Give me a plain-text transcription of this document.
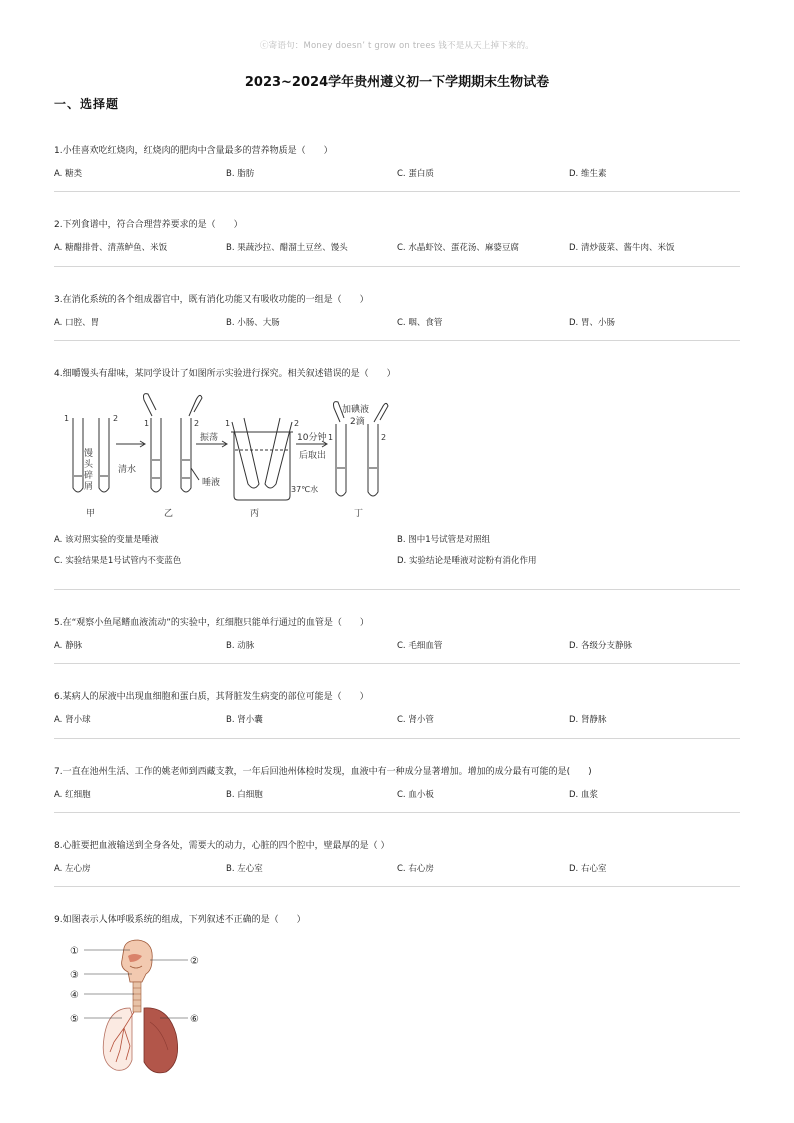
ⓒ寄语句：Money doesn’ t grow on trees 钱不是从天上掉下来的。
2023~2024学年贵州遵义初一下学期期末生物试卷
一、选择题
1.小佳喜欢吃红烧肉，红烧肉的肥肉中含量最多的营养物质是（　　）
A. 糖类	B. 脂肪	C. 蛋白质	D. 维生素
2.下列食谱中，符合合理营养要求的是（　　）
A. 糖醋排骨、清蒸鲈鱼、米饭	B. 果蔬沙拉、醋溜土豆丝、馒头	C. 水晶虾饺、蛋花汤、麻婆豆腐	D. 清炒菠菜、酱牛肉、米饭
3.在消化系统的各个组成器官中，既有消化功能又有吸收功能的一组是（　　）
A. 口腔、胃	B. 小肠、大肠	C. 咽、食管	D. 胃、小肠
4.细嚼馒头有甜味，某同学设计了如图所示实验进行探究。相关叙述错误的是（　　）
1	2
1	2	1	2
1	2
馒头碎屑	清水
唾液
振荡	10分钟
后取出
37℃水
加碘液
2滴
甲	乙	丙	丁
A. 该对照实验的变量是唾液	B. 图中1号试管是对照组
C. 实验结果是1号试管内不变蓝色	D. 实验结论是唾液对淀粉有消化作用
5.在“观察小鱼尾鳍血液流动”的实验中，红细胞只能单行通过的血管是（　　）
A. 静脉	B. 动脉	C. 毛细血管	D. 各级分支静脉
6.某病人的尿液中出现血细胞和蛋白质，其肾脏发生病变的部位可能是（　　）
A. 肾小球	B. 肾小囊	C. 肾小管	D. 肾静脉
7.一直在池州生活、工作的姚老师到西藏支教，一年后回池州体检时发现，血液中有一种成分显著增加。增加的成分最有可能的是(　　)
A. 红细胞	B. 白细胞	C. 血小板	D. 血浆
8.心脏要把血液输送到全身各处，需要大的动力，心脏的四个腔中，壁最厚的是（ ）
A. 左心房	B. 左心室	C. 右心房	D. 右心室
9.如图表示人体呼吸系统的组成，下列叙述不正确的是（　　）
①
②
③
④
⑤	⑥
